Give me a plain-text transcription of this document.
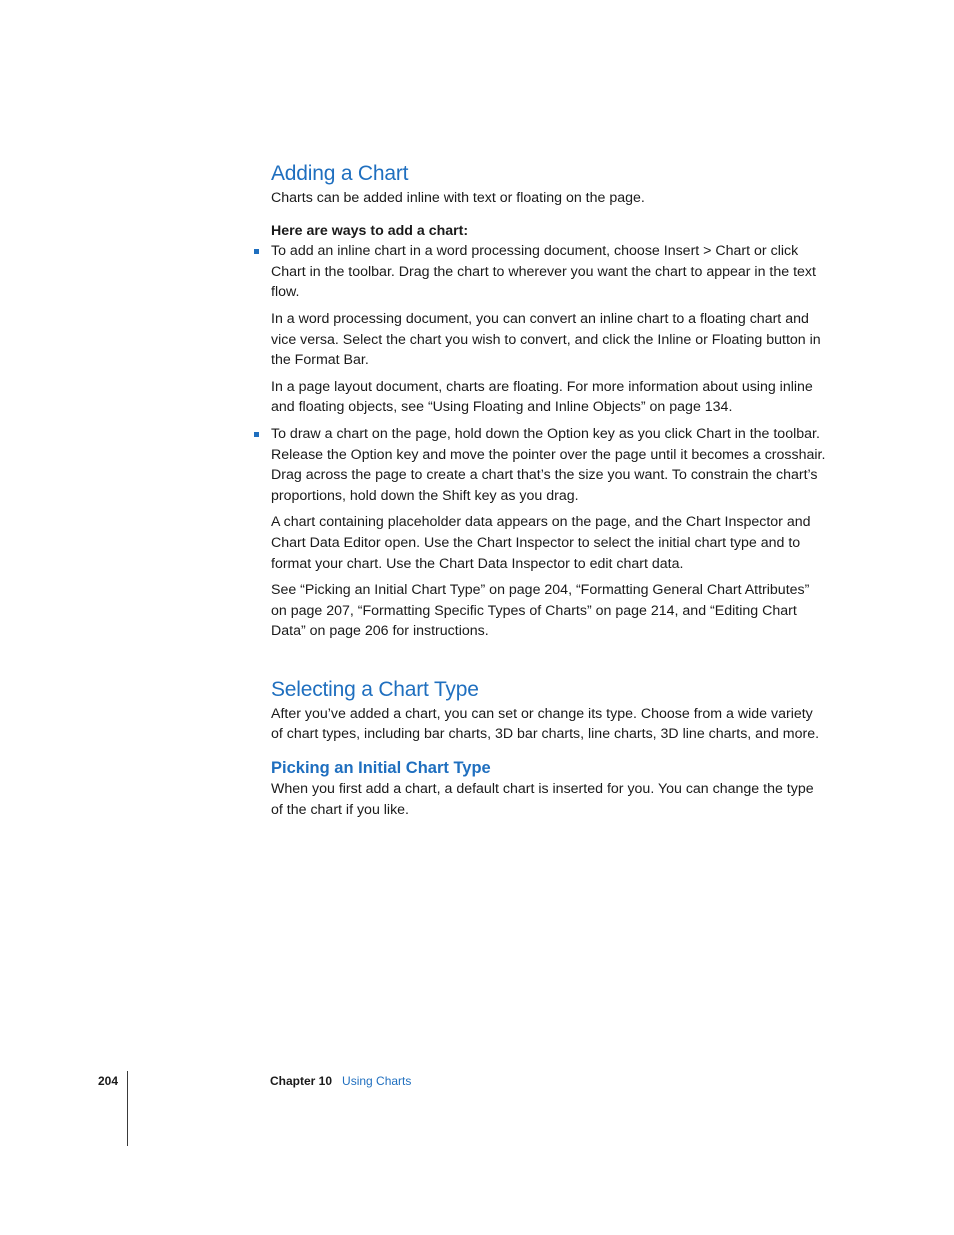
Adding a Chart

Charts can be added inline with text or floating on the page.

Here are ways to add a chart:

To add an inline chart in a word processing document, choose Insert > Chart or click Chart in the toolbar. Drag the chart to wherever you want the chart to appear in the text flow.

In a word processing document, you can convert an inline chart to a floating chart and vice versa. Select the chart you wish to convert, and click the Inline or Floating button in the Format Bar.

In a page layout document, charts are floating. For more information about using inline and floating objects, see “Using Floating and Inline Objects” on page 134.

To draw a chart on the page, hold down the Option key as you click Chart in the toolbar. Release the Option key and move the pointer over the page until it becomes a crosshair. Drag across the page to create a chart that’s the size you want. To constrain the chart’s proportions, hold down the Shift key as you drag.

A chart containing placeholder data appears on the page, and the Chart Inspector and Chart Data Editor open. Use the Chart Inspector to select the initial chart type and to format your chart. Use the Chart Data Inspector to edit chart data.

See “Picking an Initial Chart Type” on page 204, “Formatting General Chart Attributes” on page 207, “Formatting Specific Types of Charts” on page 214, and “Editing Chart Data” on page 206 for instructions.

Selecting a Chart Type

After you’ve added a chart, you can set or change its type. Choose from a wide variety of chart types, including bar charts, 3D bar charts, line charts, 3D line charts, and more.

Picking an Initial Chart Type

When you first add a chart, a default chart is inserted for you. You can change the type of the chart if you like.

204	Chapter 10 Using Charts
